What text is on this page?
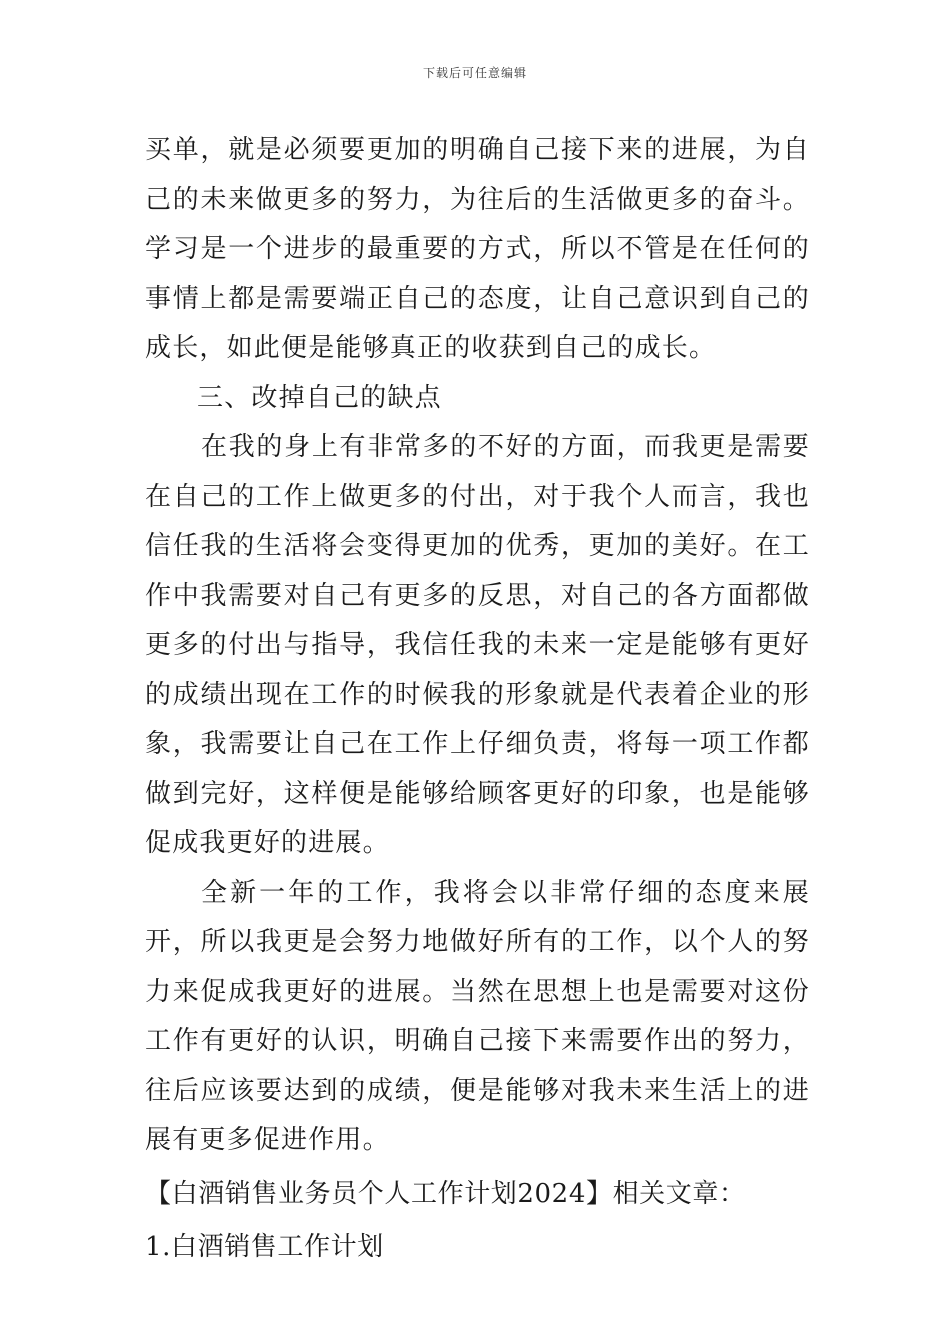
下载后可任意编辑

买单，就是必须要更加的明确自己接下来的进展，为自己的未来做更多的努力，为往后的生活做更多的奋斗。学习是一个进步的最重要的方式，所以不管是在任何的事情上都是需要端正自己的态度，让自己意识到自己的成长，如此便是能够真正的收获到自己的成长。

三、改掉自己的缺点

在我的身上有非常多的不好的方面，而我更是需要在自己的工作上做更多的付出，对于我个人而言，我也信任我的生活将会变得更加的优秀，更加的美好。在工作中我需要对自己有更多的反思，对自己的各方面都做更多的付出与指导，我信任我的未来一定是能够有更好的成绩出现在工作的时候我的形象就是代表着企业的形象，我需要让自己在工作上仔细负责，将每一项工作都做到完好，这样便是能够给顾客更好的印象，也是能够促成我更好的进展。

全新一年的工作，我将会以非常仔细的态度来展开，所以我更是会努力地做好所有的工作，以个人的努力来促成我更好的进展。当然在思想上也是需要对这份工作有更好的认识，明确自己接下来需要作出的努力，往后应该要达到的成绩，便是能够对我未来生活上的进展有更多促进作用。

【白酒销售业务员个人工作计划2024】相关文章：

1.白酒销售工作计划
